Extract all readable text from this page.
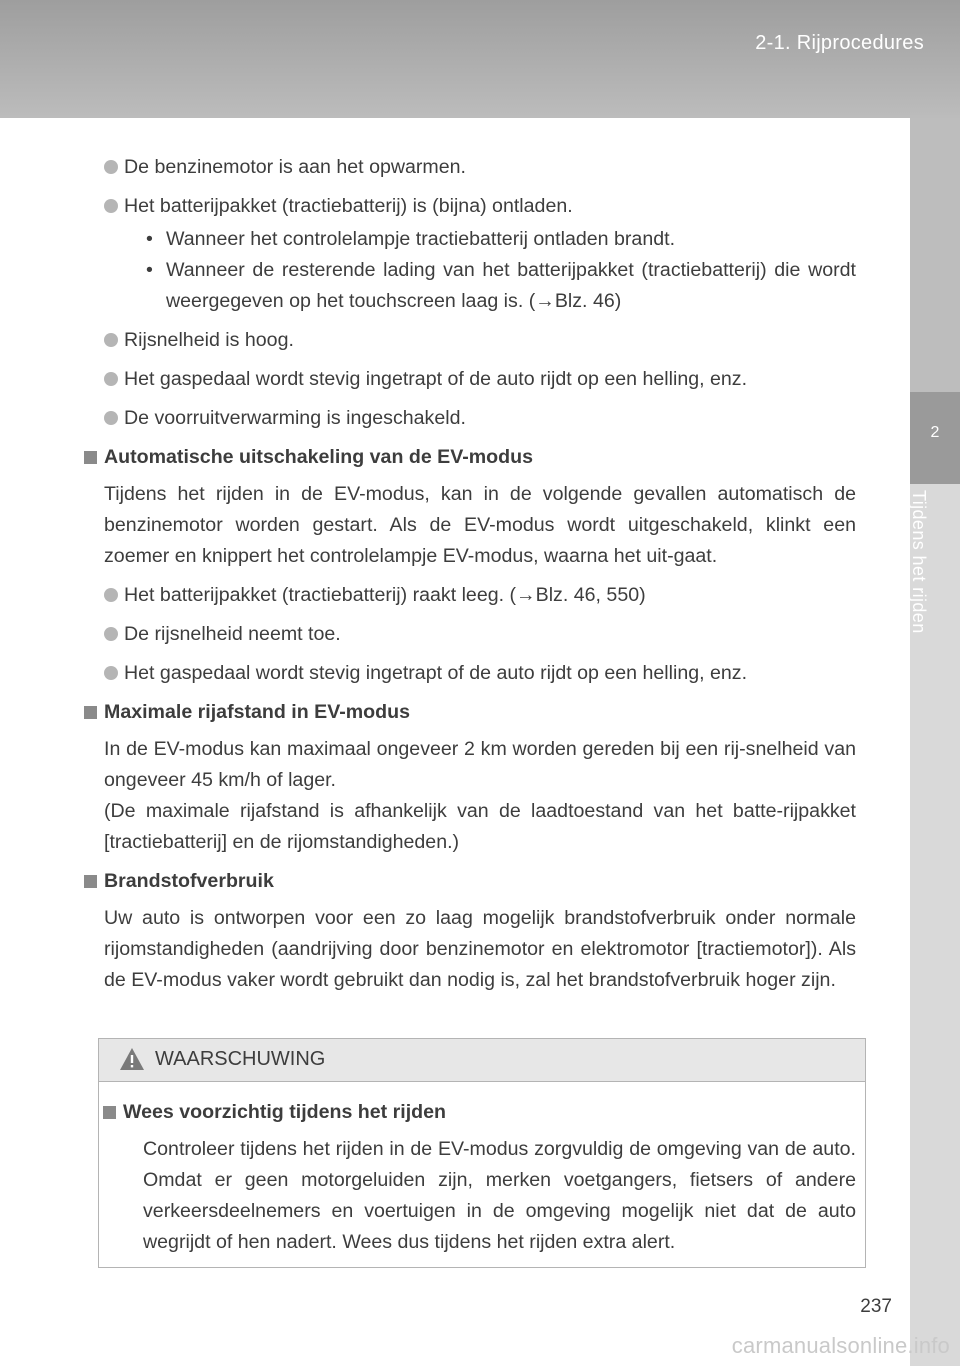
2-1. Rijprocedures
2
Tijdens het rijden
De benzinemotor is aan het opwarmen.
Het batterijpakket (tractiebatterij) is (bijna) ontladen.
• Wanneer het controlelampje tractiebatterij ontladen brandt.
• Wanneer de resterende lading van het batterijpakket (tractiebatterij) die wordt weergegeven op het touchscreen laag is. (→Blz. 46)
Rijsnelheid is hoog.
Het gaspedaal wordt stevig ingetrapt of de auto rijdt op een helling, enz.
De voorruitverwarming is ingeschakeld.
Automatische uitschakeling van de EV-modus
Tijdens het rijden in de EV-modus, kan in de volgende gevallen automatisch de benzinemotor worden gestart. Als de EV-modus wordt uitgeschakeld, klinkt een zoemer en knippert het controlelampje EV-modus, waarna het uit-gaat.
Het batterijpakket (tractiebatterij) raakt leeg. (→Blz. 46, 550)
De rijsnelheid neemt toe.
Het gaspedaal wordt stevig ingetrapt of de auto rijdt op een helling, enz.
Maximale rijafstand in EV-modus
In de EV-modus kan maximaal ongeveer 2 km worden gereden bij een rij-snelheid van ongeveer 45 km/h of lager.
(De maximale rijafstand is afhankelijk van de laadtoestand van het batte-rijpakket [tractiebatterij] en de rijomstandigheden.)
Brandstofverbruik
Uw auto is ontworpen voor een zo laag mogelijk brandstofverbruik onder normale rijomstandigheden (aandrijving door benzinemotor en elektromotor [tractiemotor]). Als de EV-modus vaker wordt gebruikt dan nodig is, zal het brandstofverbruik hoger zijn.
WAARSCHUWING
Wees voorzichtig tijdens het rijden
Controleer tijdens het rijden in de EV-modus zorgvuldig de omgeving van de auto. Omdat er geen motorgeluiden zijn, merken voetgangers, fietsers of andere verkeersdeelnemers en voertuigen in de omgeving mogelijk niet dat de auto wegrijdt of hen nadert. Wees dus tijdens het rijden extra alert.
237
carmanualsonline.info
